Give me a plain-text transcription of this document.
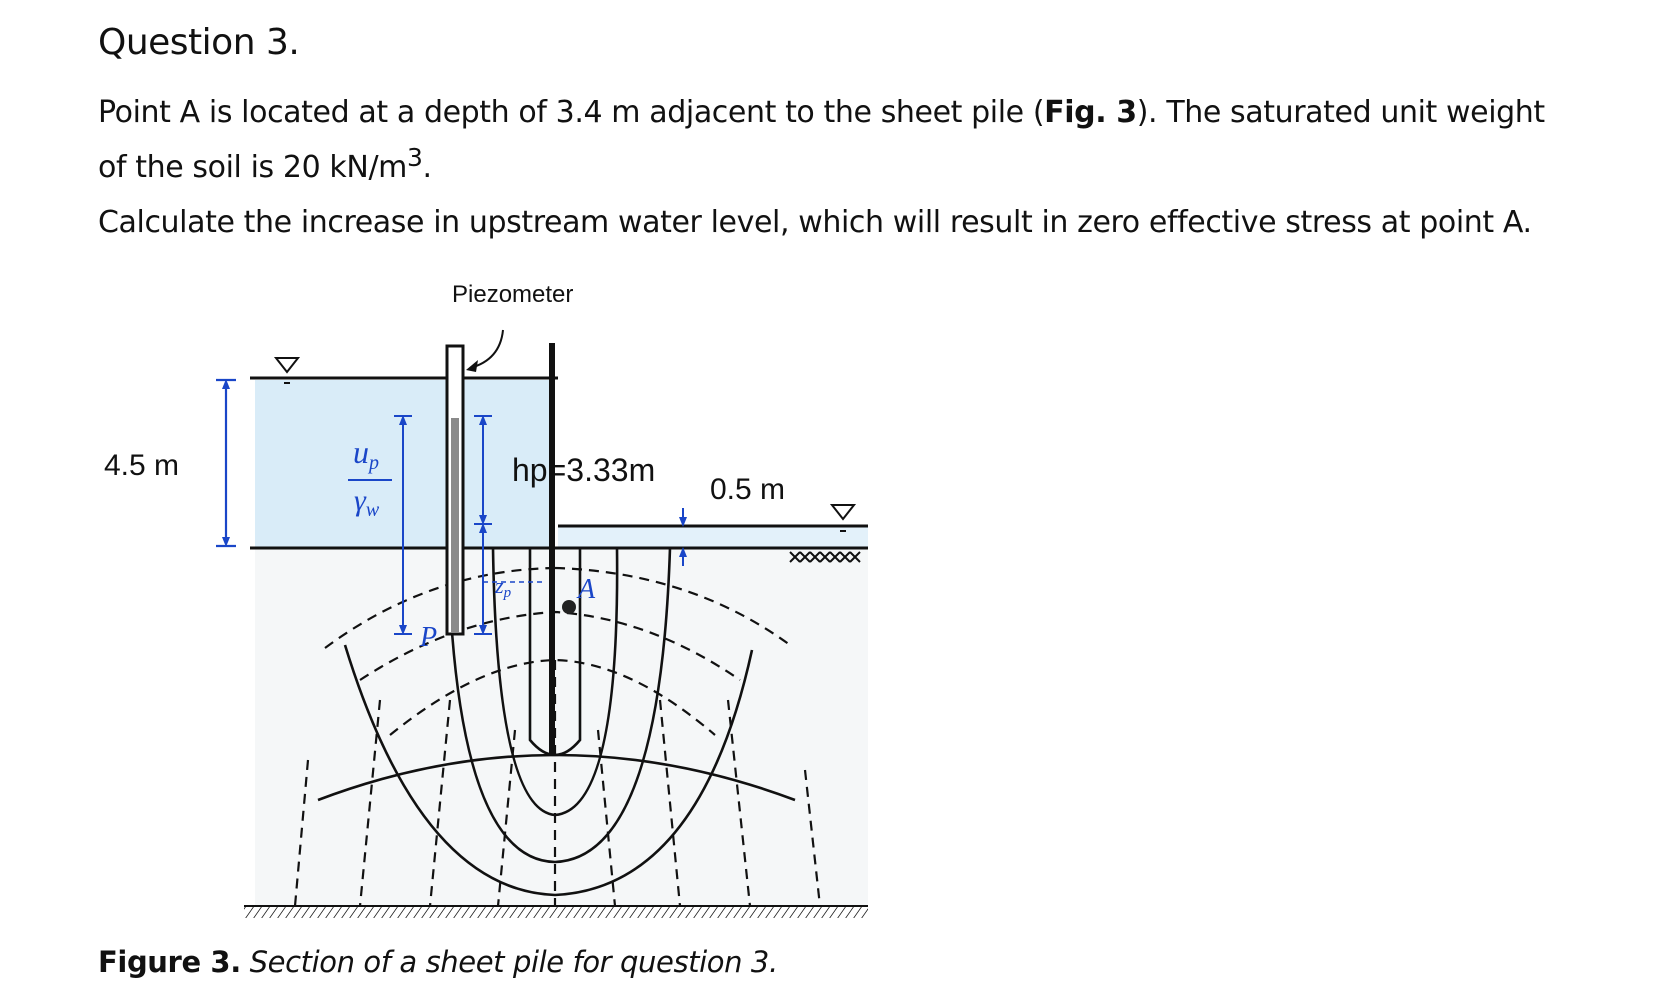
Question 3.

Point A is located at a depth of 3.4 m adjacent to the sheet pile (Fig. 3). The saturated unit weight of the soil is 20 $kN/m^3$.

Calculate the increase in upstream water level, which will result in zero effective stress at point A.

Piezometer
4.5 m	hp=3.33m
0.5 m
up
$\gamma_w$
zp
P
A

Figure 3. Section of a sheet pile for question 3.
